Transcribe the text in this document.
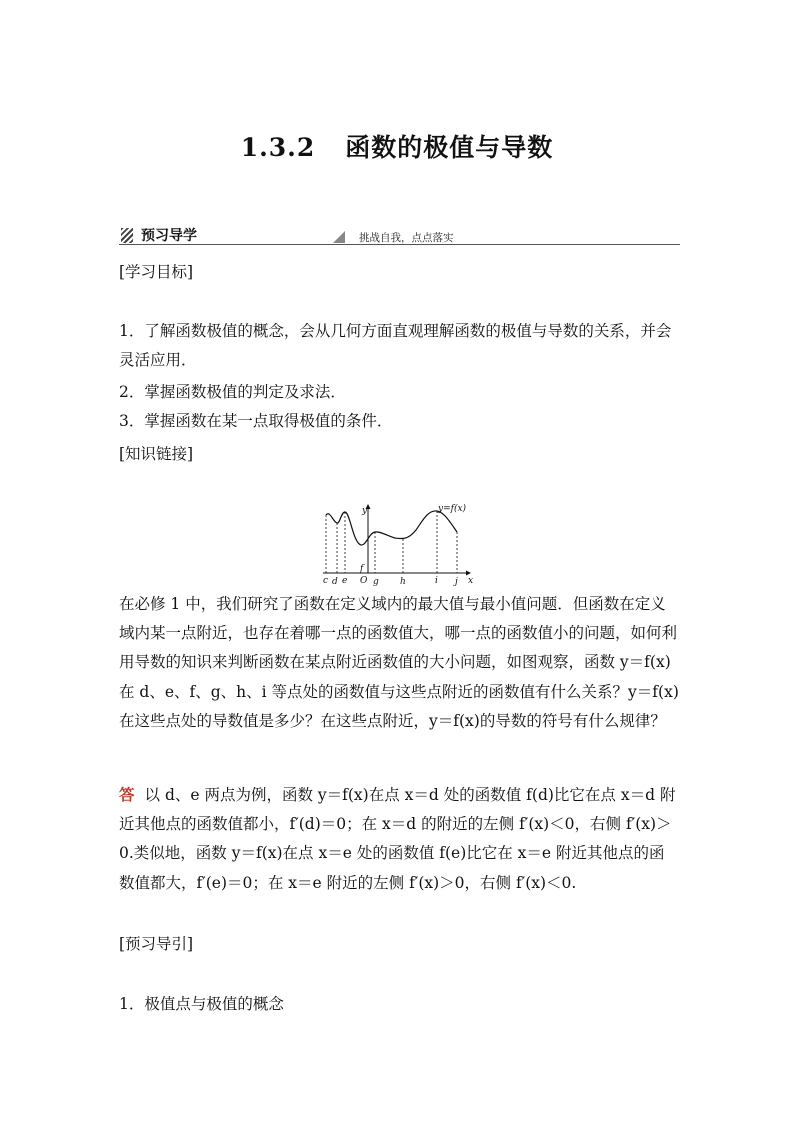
1.3.2 函数的极值与导数
预习导学	挑战自我，点点落实

[学习目标]

1．了解函数极值的概念，会从几何方面直观理解函数的极值与导数的关系，并会灵活应用．

2．掌握函数极值的判定及求法．

3．掌握函数在某一点取得极值的条件．

[知识链接]

y=f(x)
y
x
f
O
c d e	g h	i j

在必修 1 中，我们研究了函数在定义域内的最大值与最小值问题．但函数在定义域内某一点附近，也存在着哪一点的函数值大，哪一点的函数值小的问题，如何利用导数的知识来判断函数在某点附近函数值的大小问题，如图观察，函数 y＝f(x)在 d、e、f、g、h、i 等点处的函数值与这些点附近的函数值有什么关系？y＝f(x)在这些点处的导数值是多少？在这些点附近，y＝f(x)的导数的符号有什么规律？

答 以 d、e 两点为例，函数 y＝f(x)在点 x＝d 处的函数值 f(d)比它在点 x＝d 附近其他点的函数值都小，f′(d)＝0；在 x＝d 的附近的左侧 f′(x)＜0，右侧 f′(x)＞0.类似地，函数 y＝f(x)在点 x＝e 处的函数值 f(e)比它在 x＝e 附近其他点的函数值都大，f′(e)＝0；在 x＝e 附近的左侧 f′(x)＞0，右侧 f′(x)＜0.

[预习导引]

1．极值点与极值的概念
